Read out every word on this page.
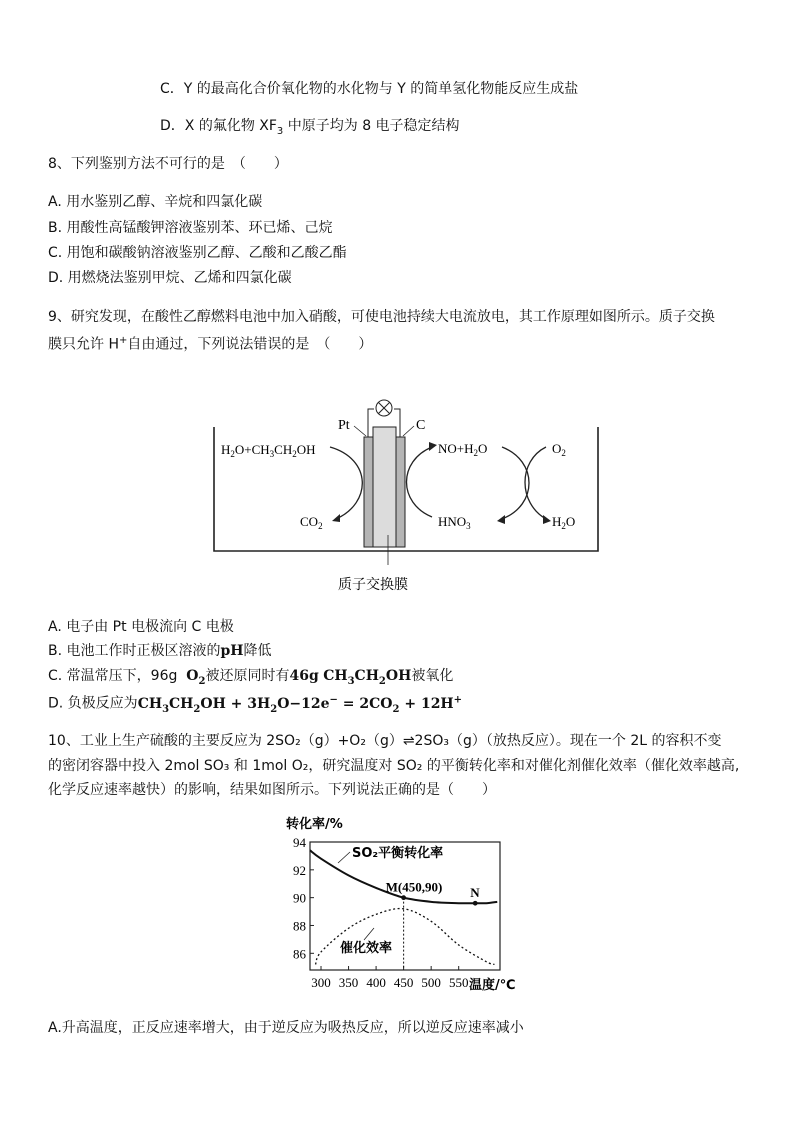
C．Y 的最高化合价氧化物的水化物与 Y 的简单氢化物能反应生成盐
D．X 的氟化物 $XF_3$ 中原子均为 8 电子稳定结构
8、下列鉴别方法不可行的是　（　　）
A. 用水鉴别乙醇、辛烷和四氯化碳
B. 用酸性高锰酸钾溶液鉴别苯、环已烯、己烷
C. 用饱和碳酸钠溶液鉴别乙醇、乙酸和乙酸乙酯
D. 用燃烧法鉴别甲烷、乙烯和四氯化碳
9、研究发现，在酸性乙醇燃料电池中加入硝酸，可使电池持续大电流放电，其工作原理如图所示。质子交换
膜只允许 H+自由通过，下列说法错误的是　（　　）
Pt	C
$H_2O+CH_3CH_2OH$
$CO_2$
$NO+H_2O$
$HNO_3$
$O_2$
$H_2O$
质子交换膜
A. 电子由 Pt 电极流向 C 电极
B. 电池工作时正极区溶液的pH降低
C. 常温常压下，96g $O_2$被还原同时有46g $CH_3CH_2OH$被氧化
D. 负极反应为$CH_3CH_2OH + 3H_2O-12e^- = 2CO_2 + 12H^+$
10、工业上生产硫酸的主要反应为 2SO₂（g）+O₂（g）⇌2SO₃（g）（放热反应）。现在一个 2L 的容积不变
的密闭容器中投入 2mol SO₃ 和 1mol O₂，研究温度对 SO₂ 的平衡转化率和对催化剂催化效率（催化效率越高,
化学反应速率越快）的影响，结果如图所示。下列说法正确的是（　　）
转化率/%
温度/℃
86
88
90
92
94
300 350 400 450 500 550
SO₂平衡转化率
催化效率
M(450,90) N
A.升高温度，正反应速率增大，由于逆反应为吸热反应，所以逆反应速率减小
